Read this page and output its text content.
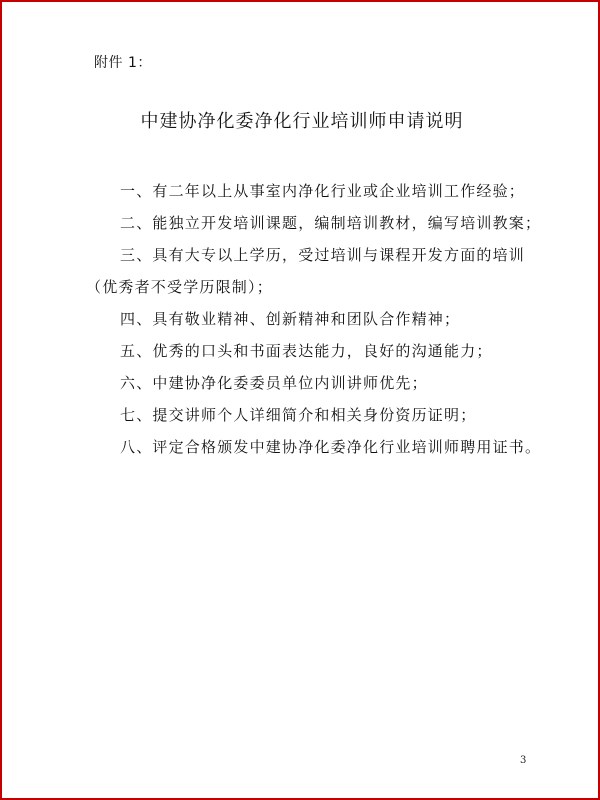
附件 1：
中建协净化委净化行业培训师申请说明
一、有二年以上从事室内净化行业或企业培训工作经验；
二、能独立开发培训课题，编制培训教材，编写培训教案；
三、具有大专以上学历，受过培训与课程开发方面的培训
（优秀者不受学历限制）；
四、具有敬业精神、创新精神和团队合作精神；
五、优秀的口头和书面表达能力，良好的沟通能力；
六、中建协净化委委员单位内训讲师优先；
七、提交讲师个人详细简介和相关身份资历证明；
八、评定合格颁发中建协净化委净化行业培训师聘用证书。
3
